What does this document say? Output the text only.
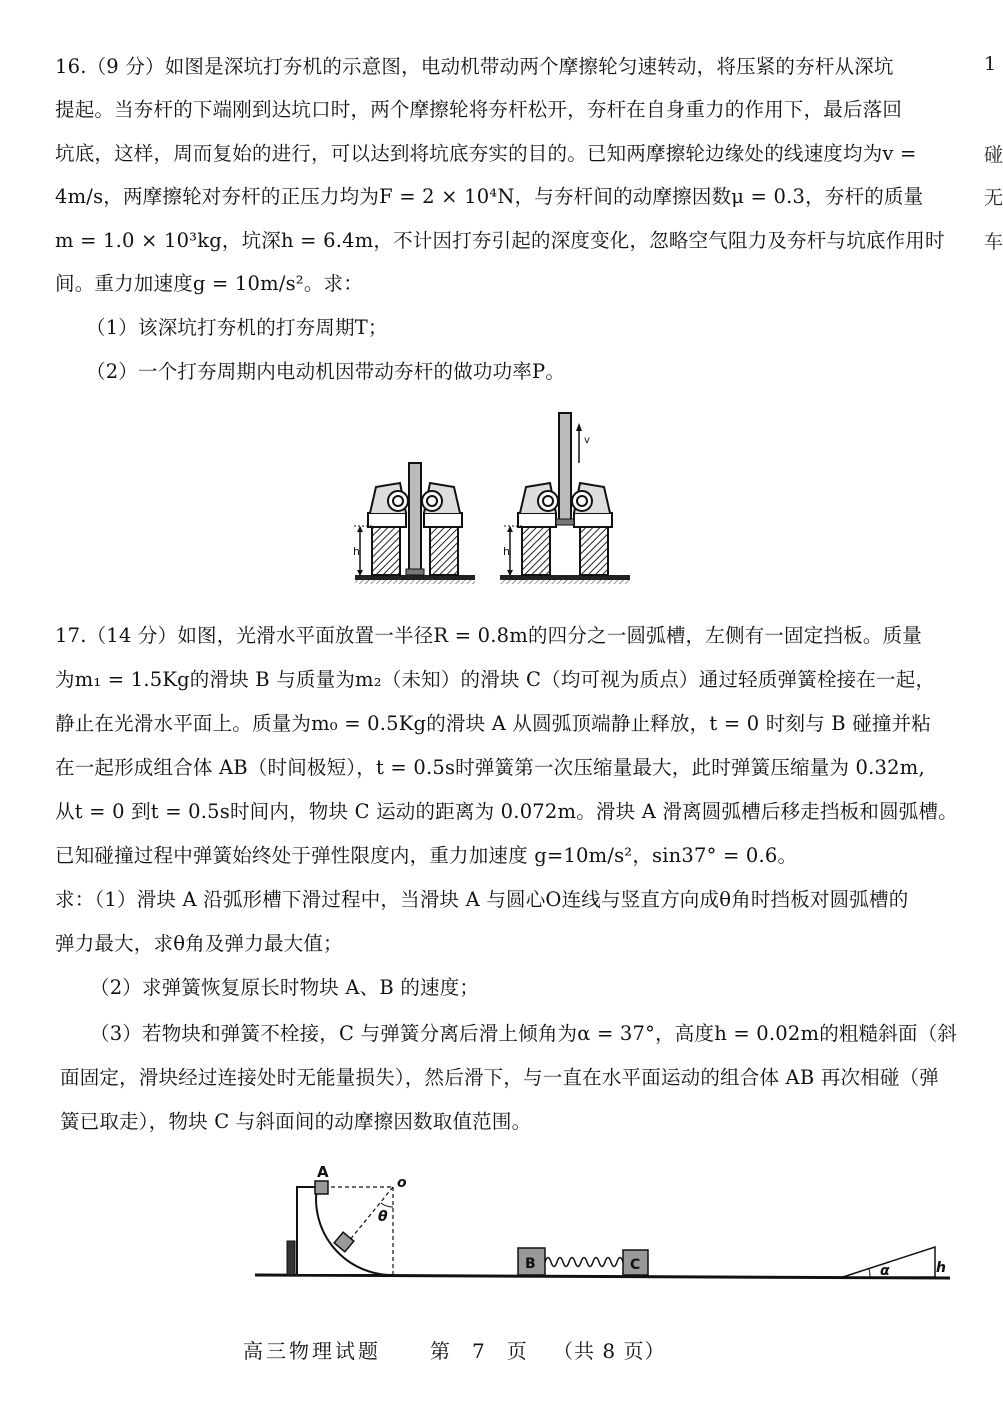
16.（9 分）如图是深坑打夯机的示意图，电动机带动两个摩擦轮匀速转动，将压紧的夯杆从深坑
提起。当夯杆的下端刚到达坑口时，两个摩擦轮将夯杆松开，夯杆在自身重力的作用下，最后落回
坑底，这样，周而复始的进行，可以达到将坑底夯实的目的。已知两摩擦轮边缘处的线速度均为v =
4m/s，两摩擦轮对夯杆的正压力均为F = 2 × 10⁴N，与夯杆间的动摩擦因数μ = 0.3，夯杆的质量
m = 1.0 × 10³kg，坑深h = 6.4m，不计因打夯引起的深度变化，忽略空气阻力及夯杆与坑底作用时
间。重力加速度g = 10m/s²。求：
（1）该深坑打夯机的打夯周期T；
（2）一个打夯周期内电动机因带动夯杆的做功功率P。
1
碰
无
车
h
v
h
17.（14 分）如图，光滑水平面放置一半径R = 0.8m的四分之一圆弧槽，左侧有一固定挡板。质量
为m₁ = 1.5Kg的滑块 B 与质量为m₂（未知）的滑块 C（均可视为质点）通过轻质弹簧栓接在一起，
静止在光滑水平面上。质量为m₀ = 0.5Kg的滑块 A 从圆弧顶端静止释放，t = 0 时刻与 B 碰撞并粘
在一起形成组合体 AB（时间极短），t = 0.5s时弹簧第一次压缩量最大，此时弹簧压缩量为 0.32m,
从t = 0 到t = 0.5s时间内，物块 C 运动的距离为 0.072m。滑块 A 滑离圆弧槽后移走挡板和圆弧槽。
已知碰撞过程中弹簧始终处于弹性限度内，重力加速度 g=10m/s²，sin37° = 0.6。
求：（1）滑块 A 沿弧形槽下滑过程中，当滑块 A 与圆心O连线与竖直方向成θ角时挡板对圆弧槽的
弹力最大，求θ角及弹力最大值；
（2）求弹簧恢复原长时物块 A、B 的速度；
（3）若物块和弹簧不栓接，C 与弹簧分离后滑上倾角为α = 37°，高度h = 0.02m的粗糙斜面（斜
面固定，滑块经过连接处时无能量损失），然后滑下，与一直在水平面运动的组合体 AB 再次相碰（弹
簧已取走），物块 C 与斜面间的动摩擦因数取值范围。
A
o
θ
B	C	α	h
高三物理试题 第　7　页 （共 8 页）
